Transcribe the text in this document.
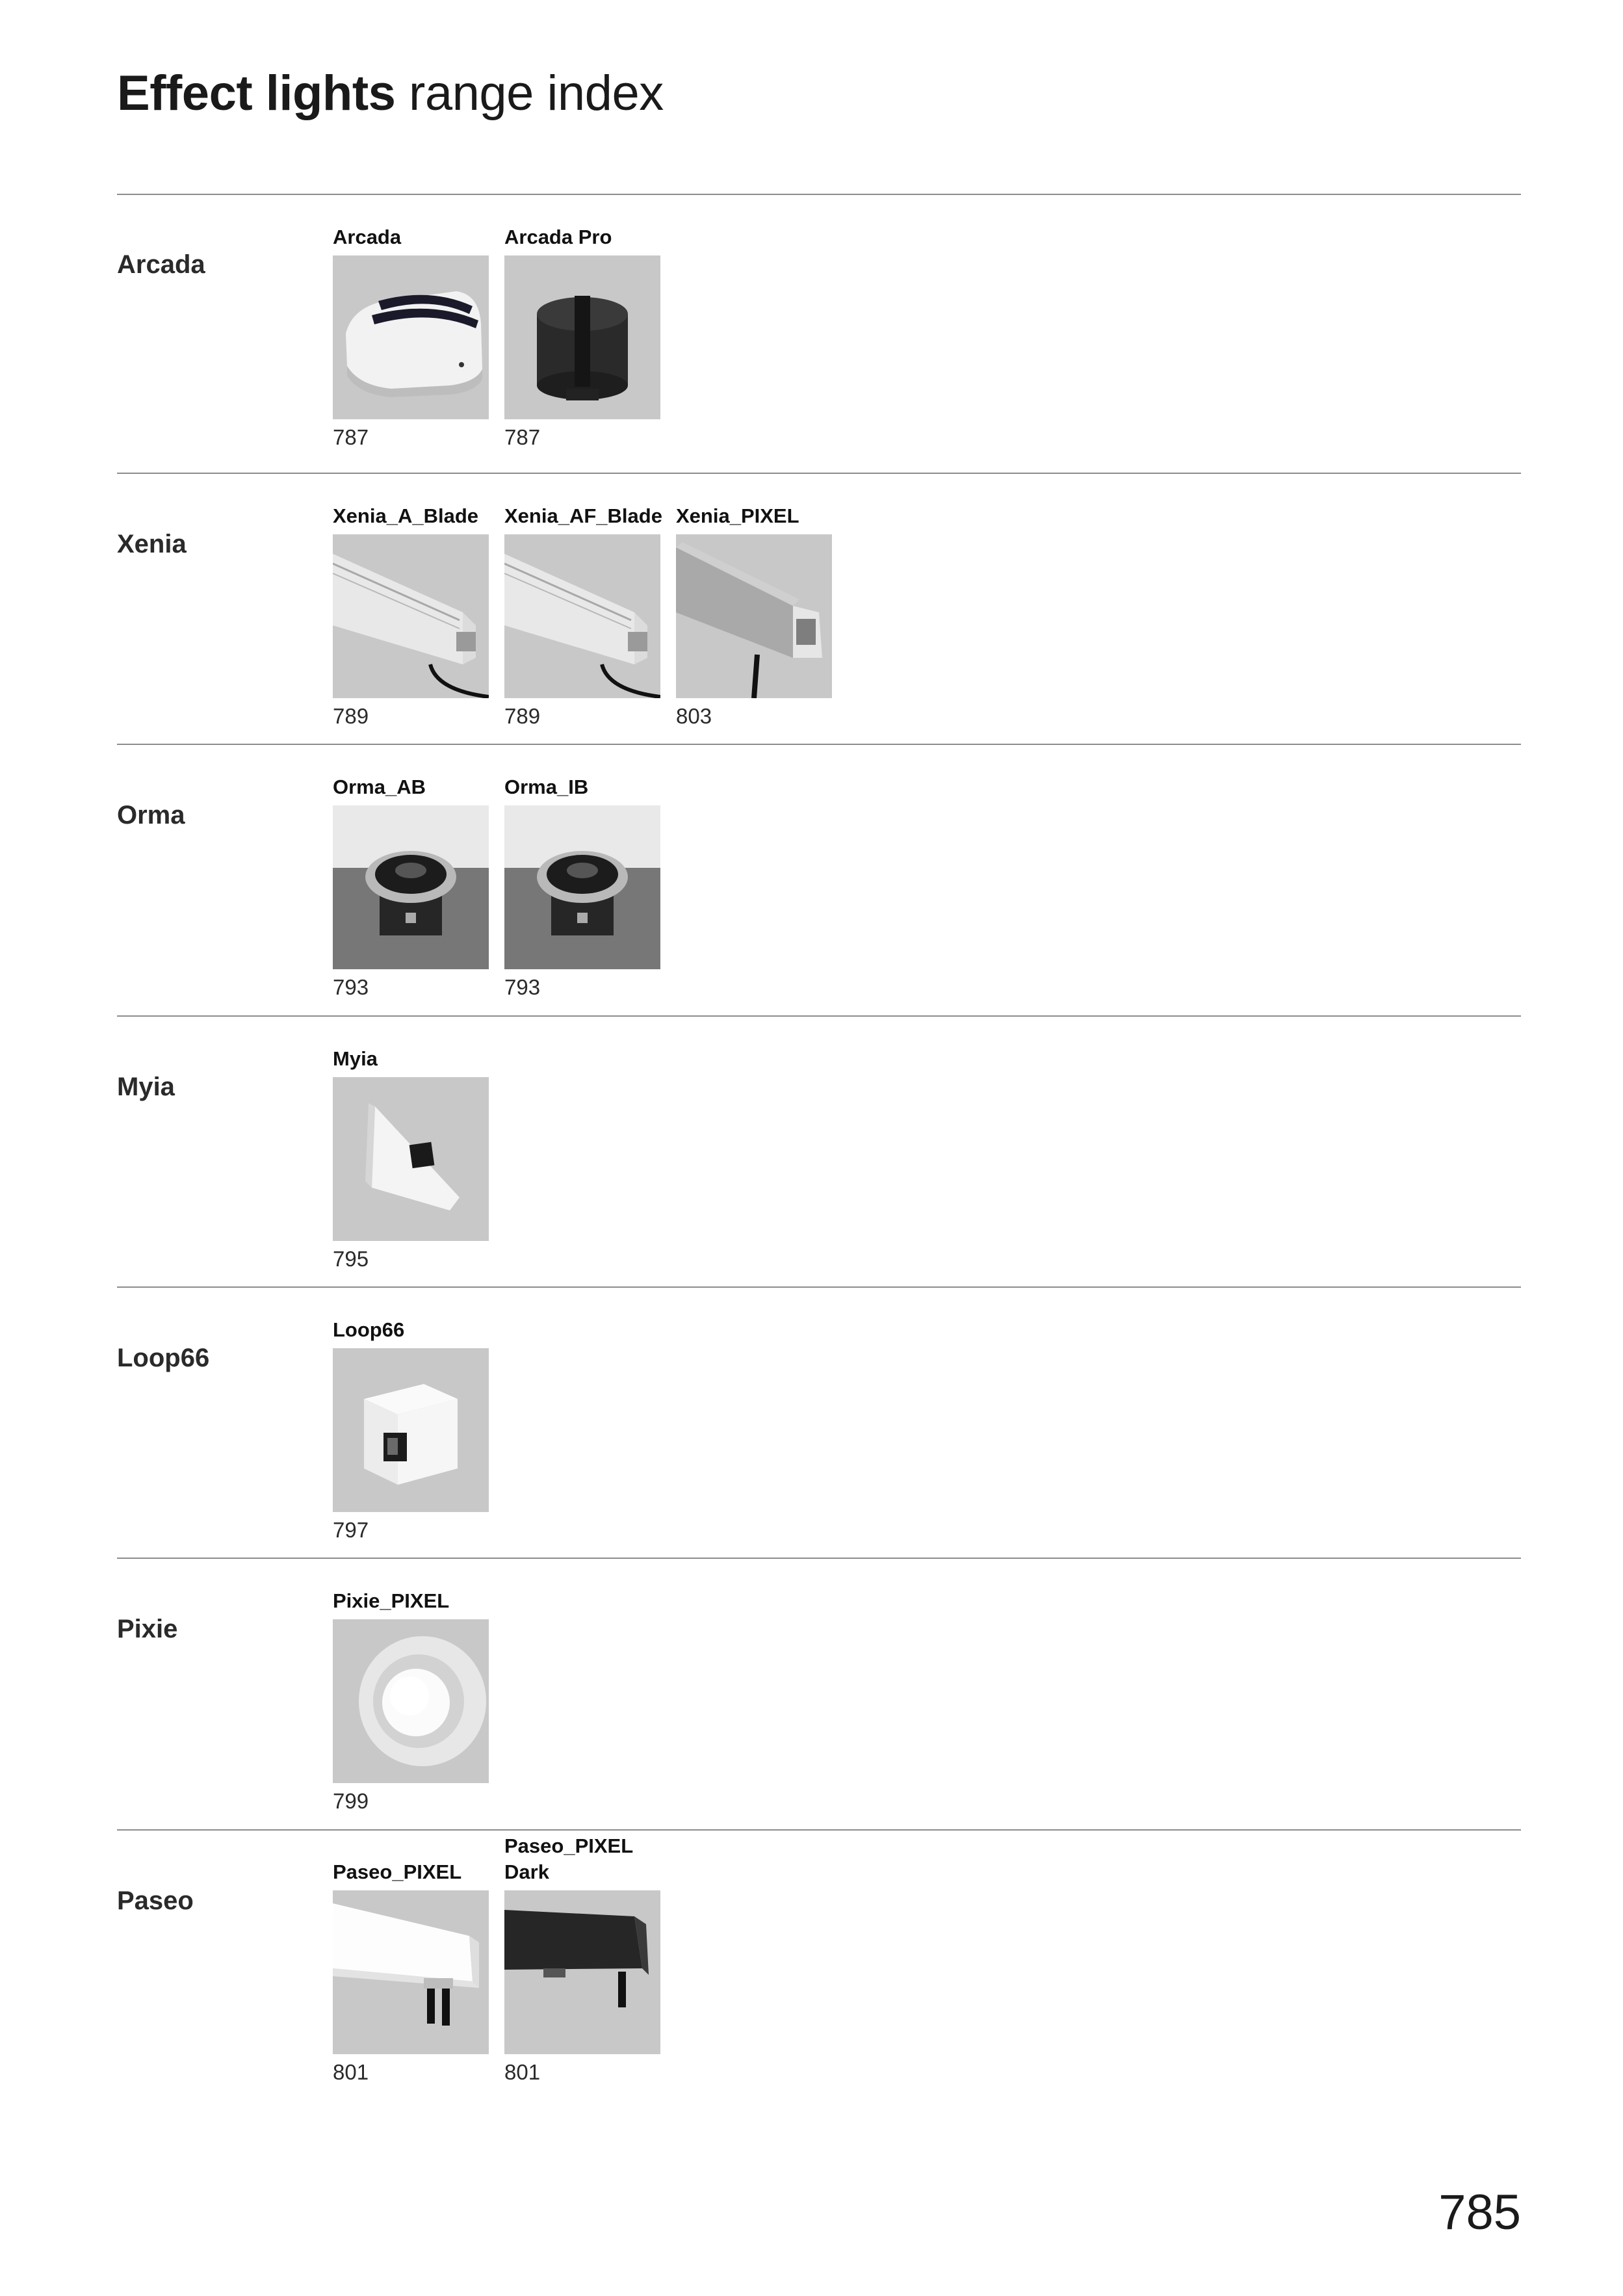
Effect lights range index
Arcada
Arcada
787
Arcada Pro
787
Xenia
Xenia_A_Blade
789
Xenia_AF_Blade
789
Xenia_PIXEL
803
Orma
Orma_AB
793
Orma_IB
793
Myia
Myia
795
Loop66
Loop66
797
Pixie
Pixie_PIXEL
799
Paseo
Paseo_PIXEL
801
Paseo_PIXEL
Dark
801
785
